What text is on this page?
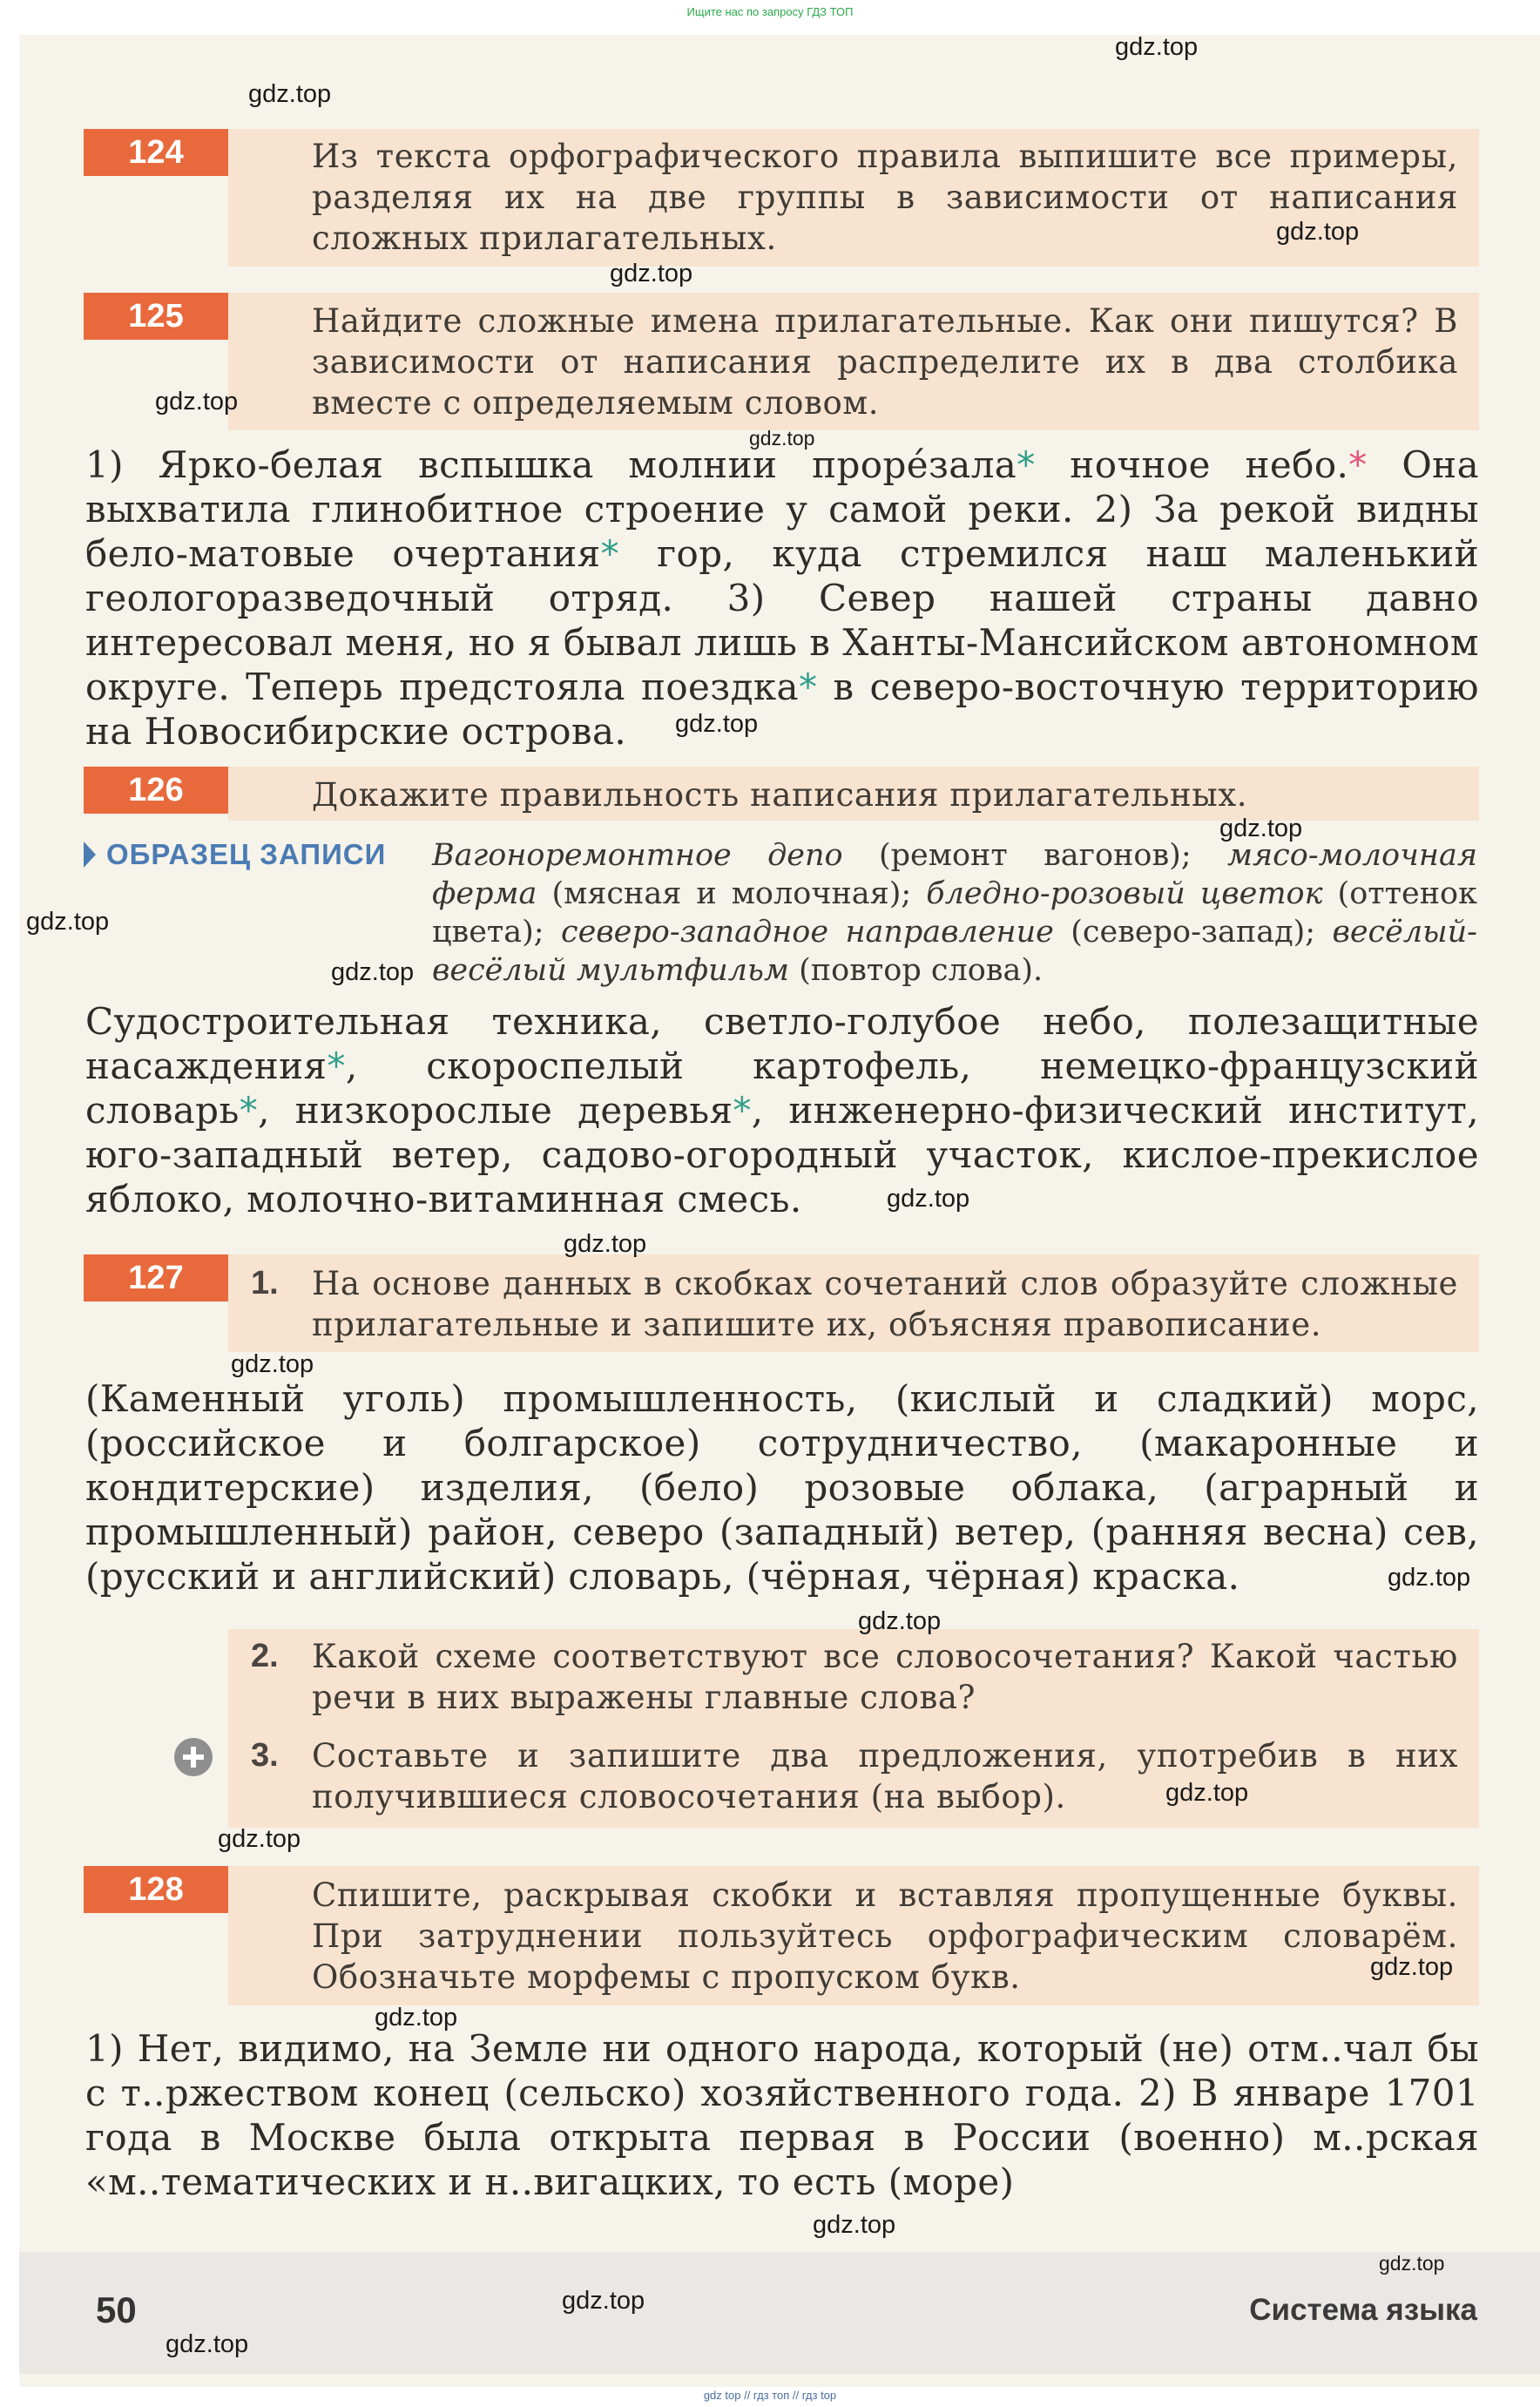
Ищите нас по запросу ГДЗ ТОП
124	Из текста орфографического правила выпишите все примеры, разделяя их на две группы в зависимости от написания сложных прилагательных.
125	Найдите сложные имена прилагательные. Как они пишутся? В зависимости от написания распределите их в два столбика вместе с определяемым словом.
1) Ярко-белая вспышка молнии прорéзала* ночное небо.* Она выхватила глинобитное строение у самой реки. 2) За рекой видны бело-матовые очертания* гор, куда стремился наш маленький геологоразведочный отряд. 3) Север нашей страны давно интересовал меня, но я бывал лишь в Ханты-Мансийском автономном округе. Теперь предстояла поездка* в северо-восточную территорию на Новосибирские острова.
126	Докажите правильность написания прилагательных.
ОБРАЗЕЦ ЗАПИСИ Вагоноремонтное депо (ремонт вагонов); мясо-молочная ферма (мясная и молочная); бледно-розовый цветок (оттенок цвета); северо-западное направление (северо-запад); весёлый-весёлый мультфильм (повтор слова).
Судостроительная техника, светло-голубое небо, полезащитные насаждения*, скороспелый картофель, немецко-французский словарь*, низкорослые деревья*, инженерно-физический институт, юго-западный ветер, садово-огородный участок, кислое-прекислое яблоко, молочно-витаминная смесь.
127	1. На основе данных в скобках сочетаний слов образуйте сложные прилагательные и запишите их, объясняя правописание.
(Каменный уголь) промышленность, (кислый и сладкий) морс, (российское и болгарское) сотрудничество, (макаронные и кондитерские) изделия, (бело) розовые облака, (аграрный и промышленный) район, северо (западный) ветер, (ранняя весна) сев, (русский и английский) словарь, (чёрная, чёрная) краска.
2. Какой схеме соответствуют все словосочетания? Какой частью речи в них выражены главные слова?
3. Составьте и запишите два предложения, употребив в них получившиеся словосочетания (на выбор).
128	Спишите, раскрывая скобки и вставляя пропущенные буквы. При затруднении пользуйтесь орфографическим словарём. Обозначьте морфемы с пропуском букв.
1) Нет, видимо, на Земле ни одного народа, который (не) отм..чал бы с т..ржеством конец (сельско) хозяйственного года. 2) В январе 1701 года в Москве была открыта первая в России (военно) м..рская «м..тематических и н..вигацких, то есть (море)
50	Система языка
gdz top // гдз топ // гдз top
gdz.top
gdz.top
gdz.top
gdz.top
gdz.top
gdz.top
gdz.top
gdz.top
gdz.top
gdz.top
gdz.top
gdz.top
gdz.top
gdz.top
gdz.top
gdz.top
gdz.top
gdz.top
gdz.top
gdz.top
gdz.top
gdz.top
gdz.top
